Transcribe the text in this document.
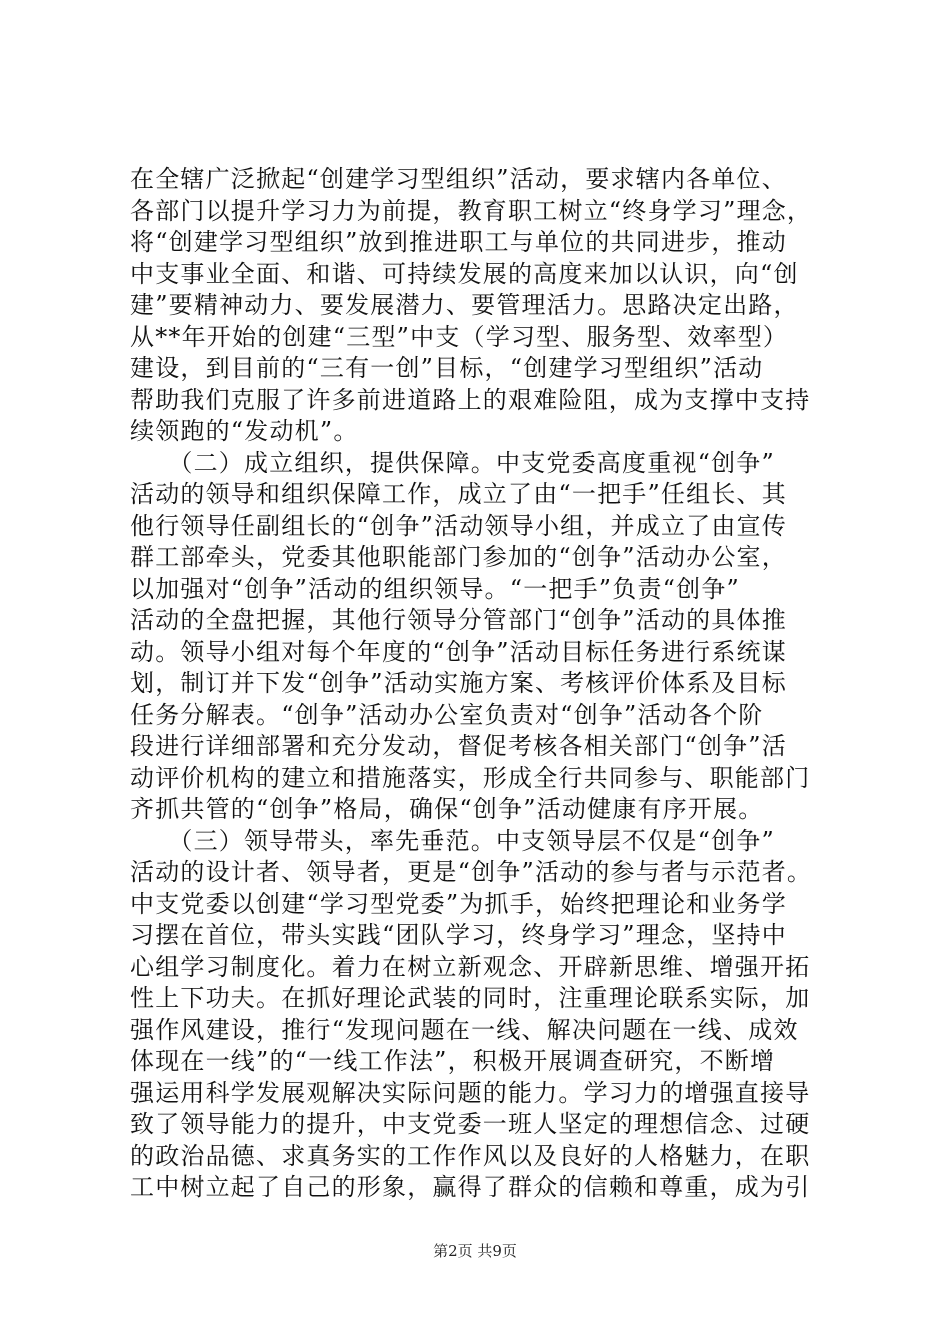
在全辖广泛掀起“创建学习型组织”活动，要求辖内各单位、
各部门以提升学习力为前提，教育职工树立“终身学习”理念，
将“创建学习型组织”放到推进职工与单位的共同进步，推动
中支事业全面、和谐、可持续发展的高度来加以认识，向“创
建”要精神动力、要发展潜力、要管理活力。思路决定出路，
从**年开始的创建“三型”中支（学习型、服务型、效率型）
建设，到目前的“三有一创”目标，“创建学习型组织”活动
帮助我们克服了许多前进道路上的艰难险阻，成为支撑中支持
续领跑的“发动机”。
　　（二）成立组织，提供保障。中支党委高度重视“创争”
活动的领导和组织保障工作，成立了由“一把手”任组长、其
他行领导任副组长的“创争”活动领导小组，并成立了由宣传
群工部牵头，党委其他职能部门参加的“创争”活动办公室，
以加强对“创争”活动的组织领导。“一把手”负责“创争”
活动的全盘把握，其他行领导分管部门“创争”活动的具体推
动。领导小组对每个年度的“创争”活动目标任务进行系统谋
划，制订并下发“创争”活动实施方案、考核评价体系及目标
任务分解表。“创争”活动办公室负责对“创争”活动各个阶
段进行详细部署和充分发动，督促考核各相关部门“创争”活
动评价机构的建立和措施落实，形成全行共同参与、职能部门
齐抓共管的“创争”格局，确保“创争”活动健康有序开展。
　　（三）领导带头，率先垂范。中支领导层不仅是“创争”
活动的设计者、领导者，更是“创争”活动的参与者与示范者。
中支党委以创建“学习型党委”为抓手，始终把理论和业务学
习摆在首位，带头实践“团队学习，终身学习”理念，坚持中
心组学习制度化。着力在树立新观念、开辟新思维、增强开拓
性上下功夫。在抓好理论武装的同时，注重理论联系实际，加
强作风建设，推行“发现问题在一线、解决问题在一线、成效
体现在一线”的“一线工作法”，积极开展调查研究，不断增
强运用科学发展观解决实际问题的能力。学习力的增强直接导
致了领导能力的提升，中支党委一班人坚定的理想信念、过硬
的政治品德、求真务实的工作作风以及良好的人格魅力，在职
工中树立起了自己的形象，赢得了群众的信赖和尊重，成为引
第2页 共9页
